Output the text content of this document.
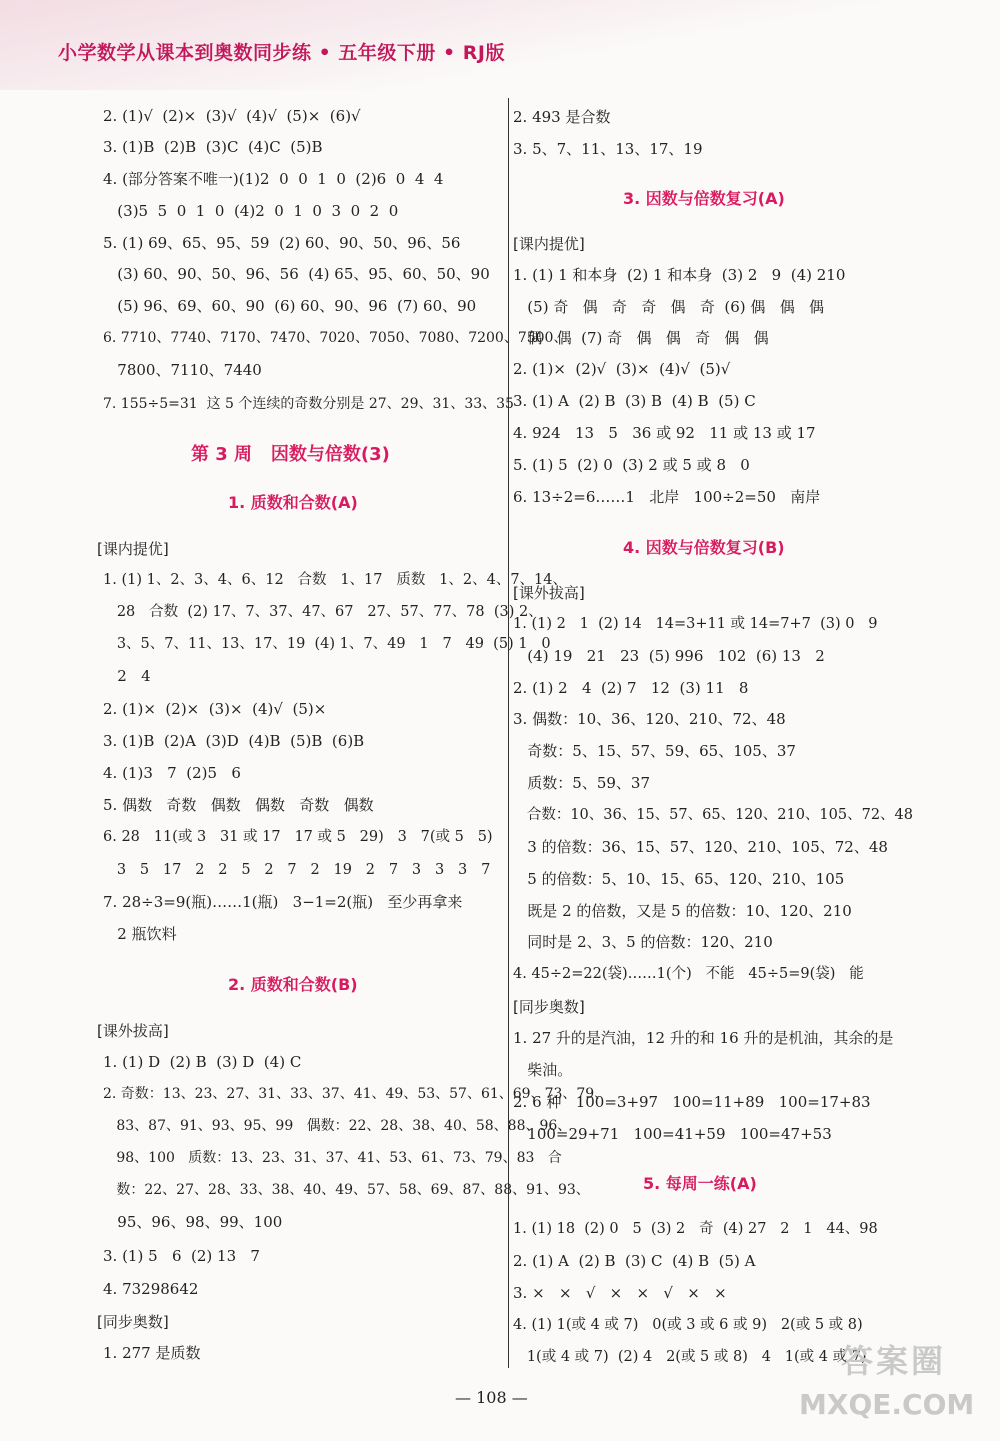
小学数学从课本到奥数同步练 • 五年级下册 • RJ版
2. (1)√  (2)×  (3)√  (4)√  (5)×  (6)√
3. (1)B  (2)B  (3)C  (4)C  (5)B
4. (部分答案不唯一)(1)2  0  0  1  0  (2)6  0  4  4
(3)5  5  0  1  0  (4)2  0  1  0  3  0  2  0
5. (1) 69、65、95、59  (2) 60、90、50、96、56
(3) 60、90、50、96、56  (4) 65、95、60、50、90
(5) 96、69、60、90  (6) 60、90、96  (7) 60、90
6. 7710、7740、7170、7470、7020、7050、7080、7200、7500、
7800、7110、7440
7. 155÷5=31  这 5 个连续的奇数分别是 27、29、31、33、35
第 3 周   因数与倍数(3)
1. 质数和合数(A)
[课内提优]
1. (1) 1、2、3、4、6、12   合数   1、17   质数   1、2、4、7、14、
28   合数  (2) 17、7、37、47、67   27、57、77、78  (3) 2、
3、5、7、11、13、17、19  (4) 1、7、49   1   7   49  (5) 1   0
2   4
2. (1)×  (2)×  (3)×  (4)√  (5)×
3. (1)B  (2)A  (3)D  (4)B  (5)B  (6)B
4. (1)3   7  (2)5   6
5. 偶数   奇数   偶数   偶数   奇数   偶数
6. 28   11(或 3   31 或 17   17 或 5   29)   3   7(或 5   5)
3   5   17   2   2   5   2   7   2   19   2   7   3   3   3   7
7. 28÷3=9(瓶)……1(瓶)   3−1=2(瓶)   至少再拿来
2 瓶饮料
2. 质数和合数(B)
[课外拔高]
1. (1) D  (2) B  (3) D  (4) C
2. 奇数：13、23、27、31、33、37、41、49、53、57、61、69、73、79、
83、87、91、93、95、99   偶数：22、28、38、40、58、88、96、
98、100   质数：13、23、31、37、41、53、61、73、79、83   合
数：22、27、28、33、38、40、49、57、58、69、87、88、91、93、
95、96、98、99、100
3. (1) 5   6  (2) 13   7
4. 73298642
[同步奥数]
1. 277 是质数
2. 493 是合数
3. 5、7、11、13、17、19
3. 因数与倍数复习(A)
[课内提优]
1. (1) 1 和本身  (2) 1 和本身  (3) 2   9  (4) 210
(5) 奇   偶   奇   奇   偶   奇  (6) 偶   偶   偶
偶   偶  (7) 奇   偶   偶   奇   偶   偶
2. (1)×  (2)√  (3)×  (4)√  (5)√
3. (1) A  (2) B  (3) B  (4) B  (5) C
4. 924   13   5   36 或 92   11 或 13 或 17
5. (1) 5  (2) 0  (3) 2 或 5 或 8   0
6. 13÷2=6……1   北岸   100÷2=50   南岸
4. 因数与倍数复习(B)
[课外拔高]
1. (1) 2   1  (2) 14   14=3+11 或 14=7+7  (3) 0   9
(4) 19   21   23  (5) 996   102  (6) 13   2
2. (1) 2   4  (2) 7   12  (3) 11   8
3. 偶数：10、36、120、210、72、48
奇数：5、15、57、59、65、105、37
质数：5、59、37
合数：10、36、15、57、65、120、210、105、72、48
3 的倍数：36、15、57、120、210、105、72、48
5 的倍数：5、10、15、65、120、210、105
既是 2 的倍数，又是 5 的倍数：10、120、210
同时是 2、3、5 的倍数：120、210
4. 45÷2=22(袋)……1(个)   不能   45÷5=9(袋)   能
[同步奥数]
1. 27 升的是汽油，12 升的和 16 升的是机油，其余的是
柴油。
2. 6 种   100=3+97   100=11+89   100=17+83
100=29+71   100=41+59   100=47+53
5. 每周一练(A)
1. (1) 18  (2) 0   5  (3) 2   奇  (4) 27   2   1   44、98
2. (1) A  (2) B  (3) C  (4) B  (5) A
3. ×   ×   √   ×   ×   √   ×   ×
4. (1) 1(或 4 或 7)   0(或 3 或 6 或 9)   2(或 5 或 8)
1(或 4 或 7)  (2) 4   2(或 5 或 8)   4   1(或 4 或 7)
— 108 —
答案圈
MXQE.COM
